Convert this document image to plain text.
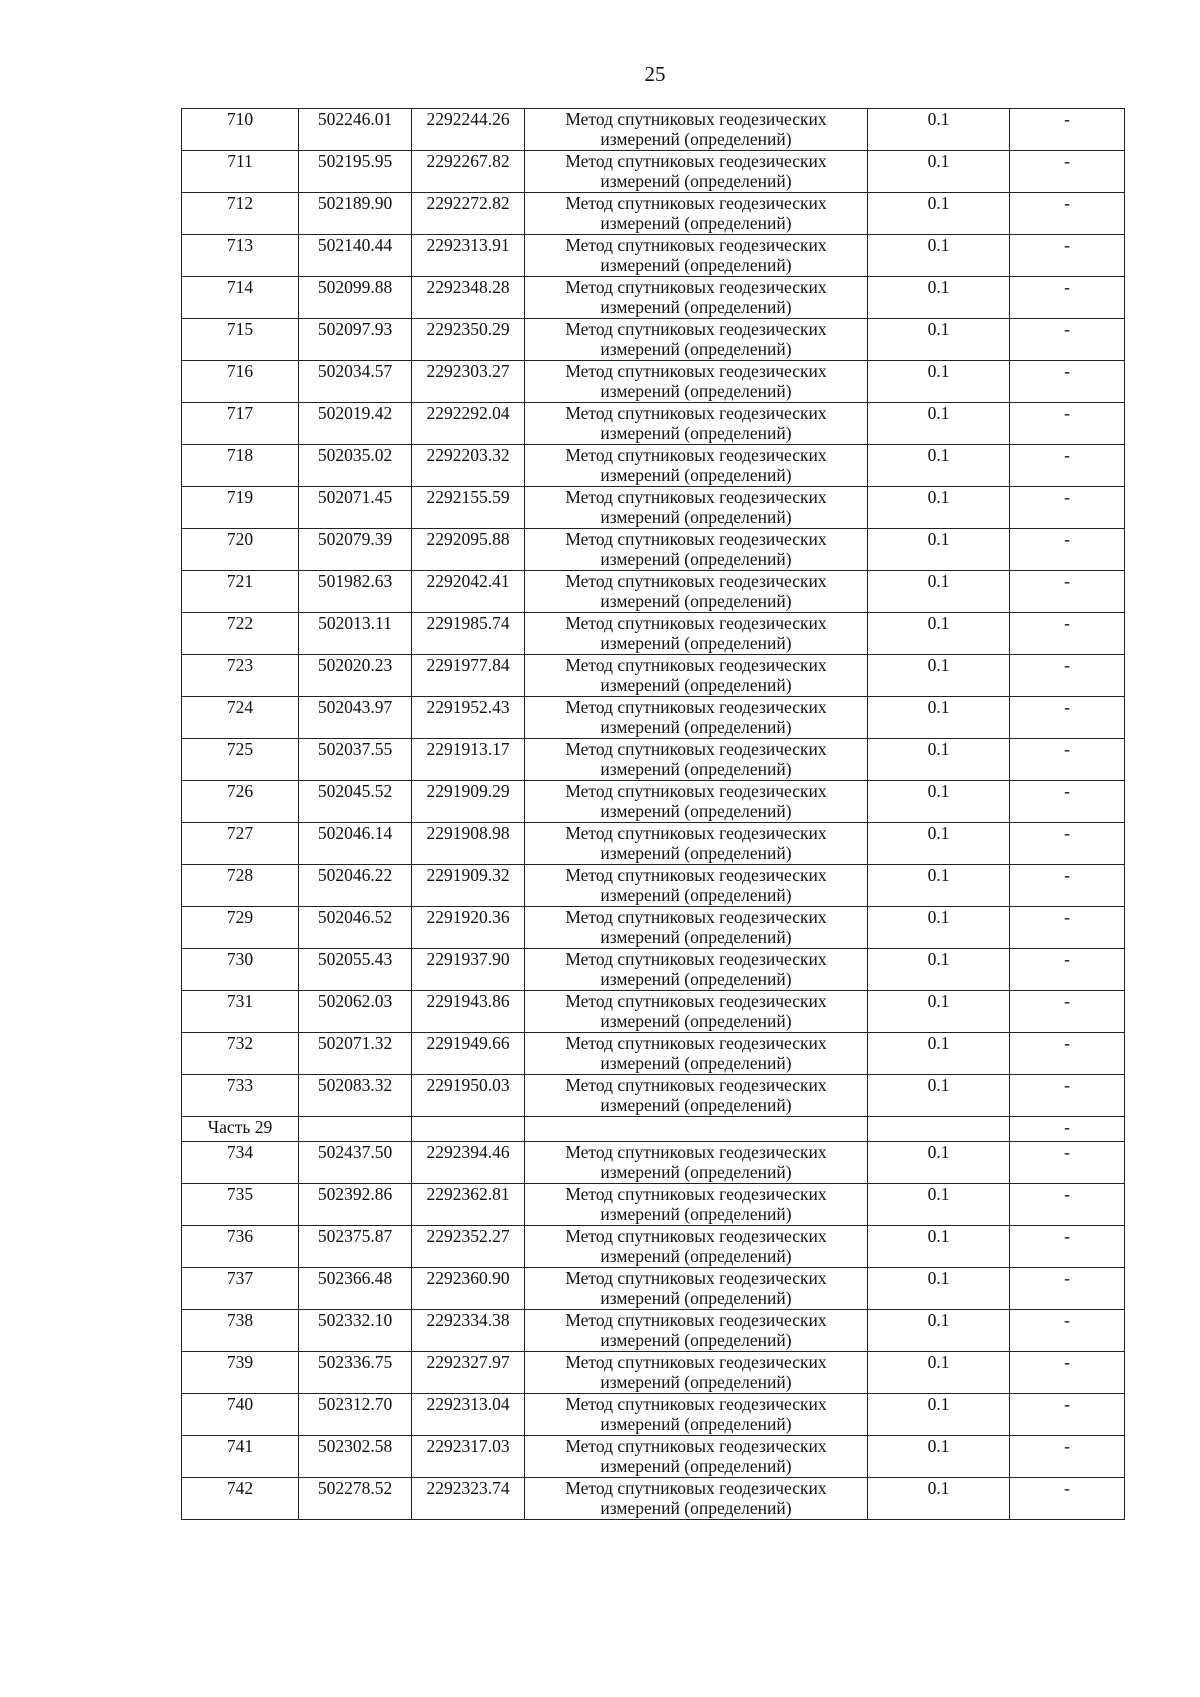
25
710	502246.01	2292244.26	Метод спутниковых геодезических измерений (определений)	0.1	-
711	502195.95	2292267.82	Метод спутниковых геодезических измерений (определений)	0.1	-
712	502189.90	2292272.82	Метод спутниковых геодезических измерений (определений)	0.1	-
713	502140.44	2292313.91	Метод спутниковых геодезических измерений (определений)	0.1	-
714	502099.88	2292348.28	Метод спутниковых геодезических измерений (определений)	0.1	-
715	502097.93	2292350.29	Метод спутниковых геодезических измерений (определений)	0.1	-
716	502034.57	2292303.27	Метод спутниковых геодезических измерений (определений)	0.1	-
717	502019.42	2292292.04	Метод спутниковых геодезических измерений (определений)	0.1	-
718	502035.02	2292203.32	Метод спутниковых геодезических измерений (определений)	0.1	-
719	502071.45	2292155.59	Метод спутниковых геодезических измерений (определений)	0.1	-
720	502079.39	2292095.88	Метод спутниковых геодезических измерений (определений)	0.1	-
721	501982.63	2292042.41	Метод спутниковых геодезических измерений (определений)	0.1	-
722	502013.11	2291985.74	Метод спутниковых геодезических измерений (определений)	0.1	-
723	502020.23	2291977.84	Метод спутниковых геодезических измерений (определений)	0.1	-
724	502043.97	2291952.43	Метод спутниковых геодезических измерений (определений)	0.1	-
725	502037.55	2291913.17	Метод спутниковых геодезических измерений (определений)	0.1	-
726	502045.52	2291909.29	Метод спутниковых геодезических измерений (определений)	0.1	-
727	502046.14	2291908.98	Метод спутниковых геодезических измерений (определений)	0.1	-
728	502046.22	2291909.32	Метод спутниковых геодезических измерений (определений)	0.1	-
729	502046.52	2291920.36	Метод спутниковых геодезических измерений (определений)	0.1	-
730	502055.43	2291937.90	Метод спутниковых геодезических измерений (определений)	0.1	-
731	502062.03	2291943.86	Метод спутниковых геодезических измерений (определений)	0.1	-
732	502071.32	2291949.66	Метод спутниковых геодезических измерений (определений)	0.1	-
733	502083.32	2291950.03	Метод спутниковых геодезических измерений (определений)	0.1	-
Часть 29					-
734	502437.50	2292394.46	Метод спутниковых геодезических измерений (определений)	0.1	-
735	502392.86	2292362.81	Метод спутниковых геодезических измерений (определений)	0.1	-
736	502375.87	2292352.27	Метод спутниковых геодезических измерений (определений)	0.1	-
737	502366.48	2292360.90	Метод спутниковых геодезических измерений (определений)	0.1	-
738	502332.10	2292334.38	Метод спутниковых геодезических измерений (определений)	0.1	-
739	502336.75	2292327.97	Метод спутниковых геодезических измерений (определений)	0.1	-
740	502312.70	2292313.04	Метод спутниковых геодезических измерений (определений)	0.1	-
741	502302.58	2292317.03	Метод спутниковых геодезических измерений (определений)	0.1	-
742	502278.52	2292323.74	Метод спутниковых геодезических измерений (определений)	0.1	-
